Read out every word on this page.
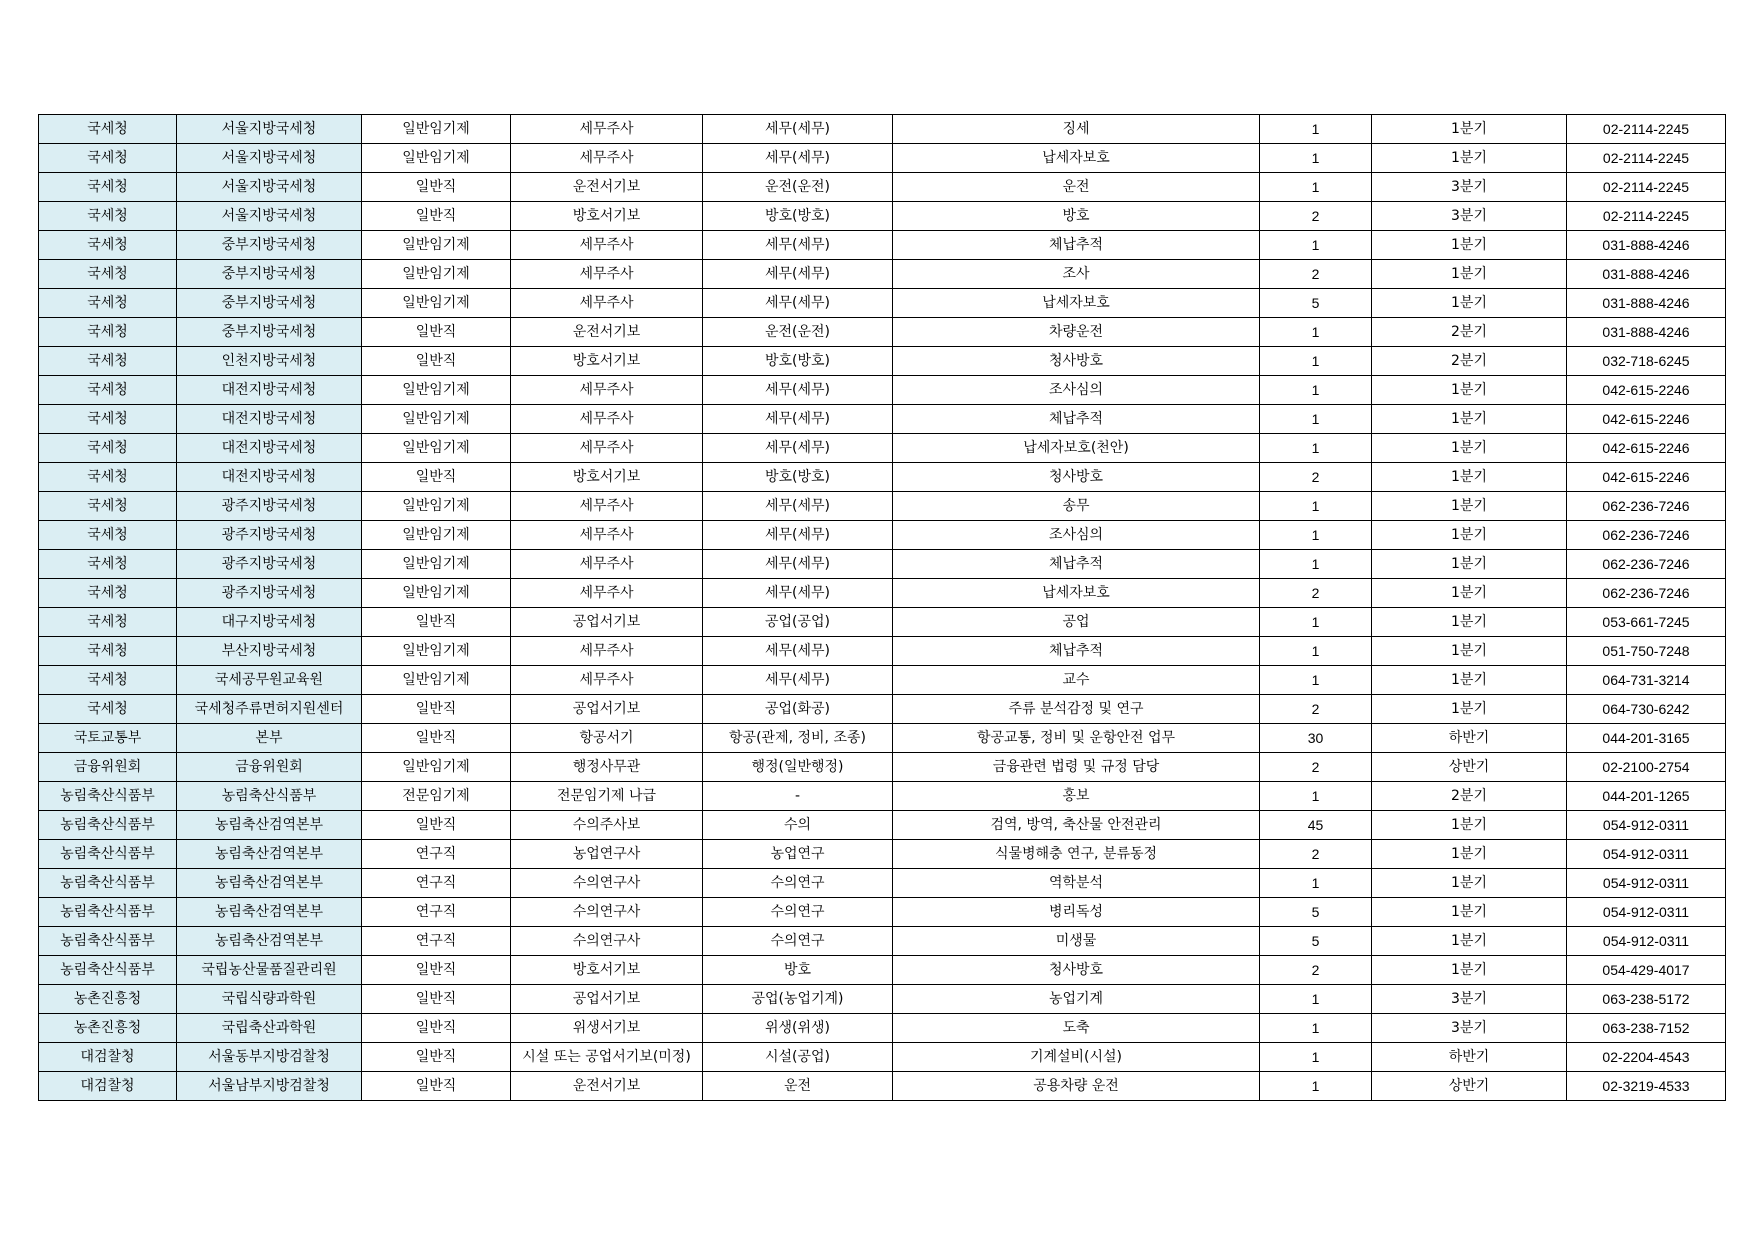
국세청	서울지방국세청	일반임기제	세무주사	세무(세무)	징세	1	1분기	02-2114-2245
국세청	서울지방국세청	일반임기제	세무주사	세무(세무)	납세자보호	1	1분기	02-2114-2245
국세청	서울지방국세청	일반직	운전서기보	운전(운전)	운전	1	3분기	02-2114-2245
국세청	서울지방국세청	일반직	방호서기보	방호(방호)	방호	2	3분기	02-2114-2245
국세청	중부지방국세청	일반임기제	세무주사	세무(세무)	체납추적	1	1분기	031-888-4246
국세청	중부지방국세청	일반임기제	세무주사	세무(세무)	조사	2	1분기	031-888-4246
국세청	중부지방국세청	일반임기제	세무주사	세무(세무)	납세자보호	5	1분기	031-888-4246
국세청	중부지방국세청	일반직	운전서기보	운전(운전)	차량운전	1	2분기	031-888-4246
국세청	인천지방국세청	일반직	방호서기보	방호(방호)	청사방호	1	2분기	032-718-6245
국세청	대전지방국세청	일반임기제	세무주사	세무(세무)	조사심의	1	1분기	042-615-2246
국세청	대전지방국세청	일반임기제	세무주사	세무(세무)	체납추적	1	1분기	042-615-2246
국세청	대전지방국세청	일반임기제	세무주사	세무(세무)	납세자보호(천안)	1	1분기	042-615-2246
국세청	대전지방국세청	일반직	방호서기보	방호(방호)	청사방호	2	1분기	042-615-2246
국세청	광주지방국세청	일반임기제	세무주사	세무(세무)	송무	1	1분기	062-236-7246
국세청	광주지방국세청	일반임기제	세무주사	세무(세무)	조사심의	1	1분기	062-236-7246
국세청	광주지방국세청	일반임기제	세무주사	세무(세무)	체납추적	1	1분기	062-236-7246
국세청	광주지방국세청	일반임기제	세무주사	세무(세무)	납세자보호	2	1분기	062-236-7246
국세청	대구지방국세청	일반직	공업서기보	공업(공업)	공업	1	1분기	053-661-7245
국세청	부산지방국세청	일반임기제	세무주사	세무(세무)	체납추적	1	1분기	051-750-7248
국세청	국세공무원교육원	일반임기제	세무주사	세무(세무)	교수	1	1분기	064-731-3214
국세청	국세청주류면허지원센터	일반직	공업서기보	공업(화공)	주류 분석감정 및 연구	2	1분기	064-730-6242
국토교통부	본부	일반직	항공서기	항공(관제, 정비, 조종)	항공교통, 정비 및 운항안전 업무	30	하반기	044-201-3165
금융위원회	금융위원회	일반임기제	행정사무관	행정(일반행정)	금융관련 법령 및 규정 담당	2	상반기	02-2100-2754
농림축산식품부	농림축산식품부	전문임기제	전문임기제 나급	-	홍보	1	2분기	044-201-1265
농림축산식품부	농림축산검역본부	일반직	수의주사보	수의	검역, 방역, 축산물 안전관리	45	1분기	054-912-0311
농림축산식품부	농림축산검역본부	연구직	농업연구사	농업연구	식물병해충 연구, 분류동정	2	1분기	054-912-0311
농림축산식품부	농림축산검역본부	연구직	수의연구사	수의연구	역학분석	1	1분기	054-912-0311
농림축산식품부	농림축산검역본부	연구직	수의연구사	수의연구	병리독성	5	1분기	054-912-0311
농림축산식품부	농림축산검역본부	연구직	수의연구사	수의연구	미생물	5	1분기	054-912-0311
농림축산식품부	국립농산물품질관리원	일반직	방호서기보	방호	청사방호	2	1분기	054-429-4017
농촌진흥청	국립식량과학원	일반직	공업서기보	공업(농업기계)	농업기계	1	3분기	063-238-5172
농촌진흥청	국립축산과학원	일반직	위생서기보	위생(위생)	도축	1	3분기	063-238-7152
대검찰청	서울동부지방검찰청	일반직	시설 또는 공업서기보(미정)	시설(공업)	기계설비(시설)	1	하반기	02-2204-4543
대검찰청	서울남부지방검찰청	일반직	운전서기보	운전	공용차량 운전	1	상반기	02-3219-4533
